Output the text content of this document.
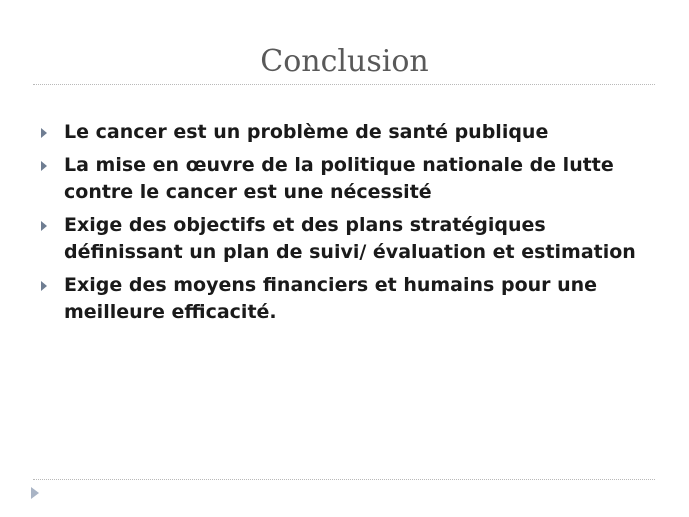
Conclusion
Le cancer est un problème de santé publique
La mise en œuvre de la politique nationale de lutte contre le cancer est une nécessité
Exige des objectifs et des plans stratégiques définissant un plan de suivi/ évaluation et estimation
Exige des moyens financiers et humains pour une meilleure efficacité.
